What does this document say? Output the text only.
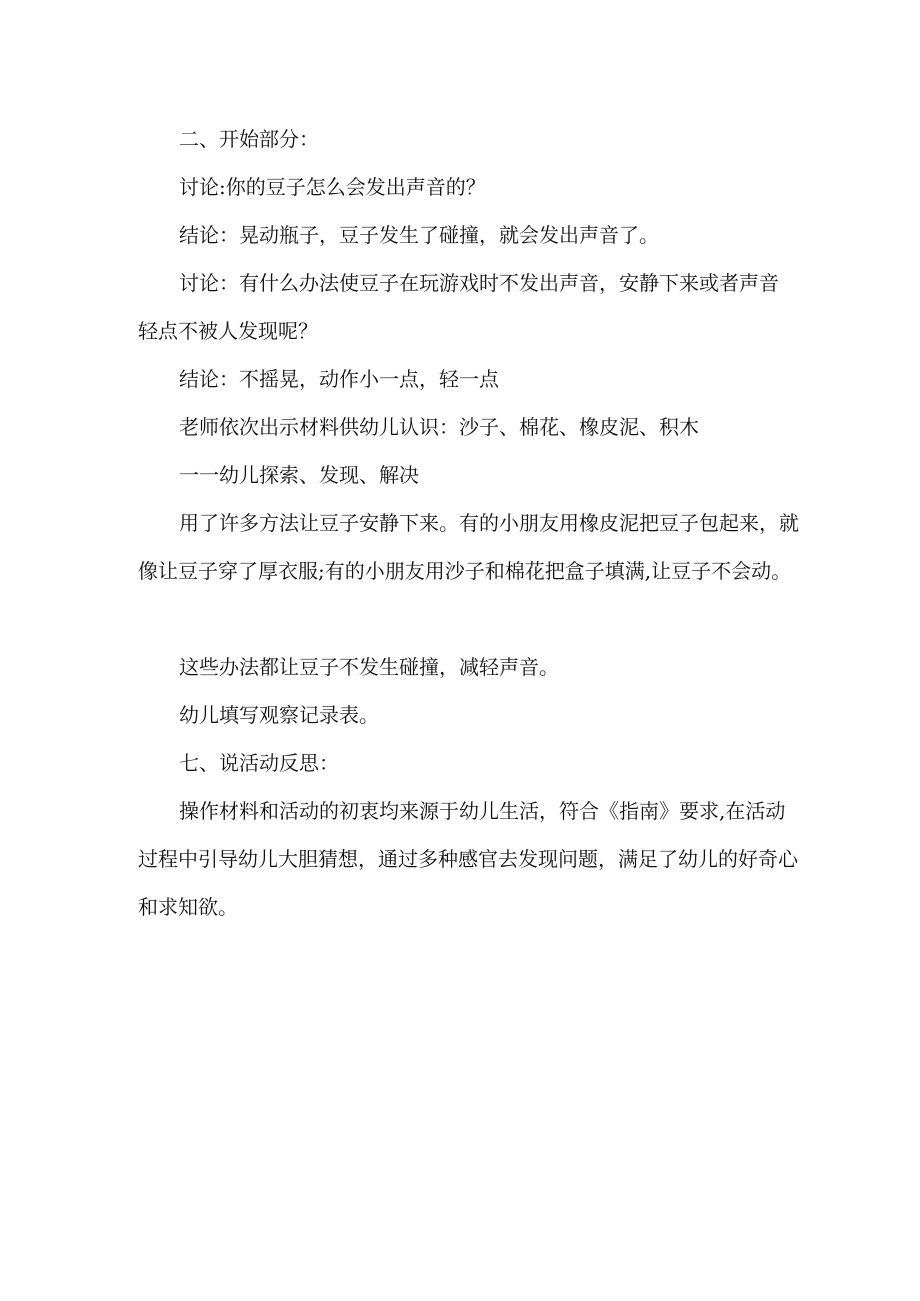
二、开始部分：

讨论:你的豆子怎么会发出声音的？

结论：晃动瓶子，豆子发生了碰撞，就会发出声音了。

讨论：有什么办法使豆子在玩游戏时不发出声音，安静下来或者声音轻点不被人发现呢？

结论：不摇晃，动作小一点，轻一点

老师依次出示材料供幼儿认识：沙子、棉花、橡皮泥、积木

一一幼儿探索、发现、解决

用了许多方法让豆子安静下来。有的小朋友用橡皮泥把豆子包起来，就像让豆子穿了厚衣服;有的小朋友用沙子和棉花把盒子填满,让豆子不会动。

这些办法都让豆子不发生碰撞，减轻声音。

幼儿填写观察记录表。

七、说活动反思：

操作材料和活动的初衷均来源于幼儿生活，符合《指南》要求,在活动过程中引导幼儿大胆猜想，通过多种感官去发现问题，满足了幼儿的好奇心和求知欲。
